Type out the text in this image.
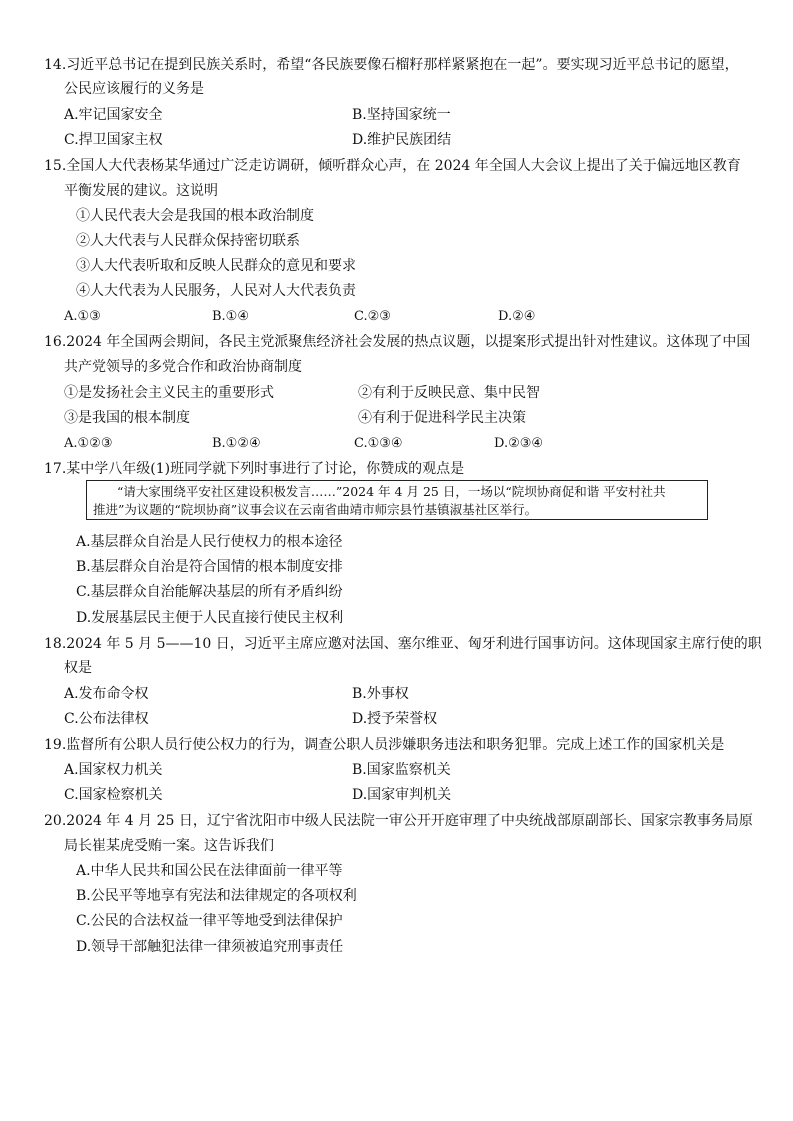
14.习近平总书记在提到民族关系时，希望“各民族要像石榴籽那样紧紧抱在一起”。要实现习近平总书记的愿望，
公民应该履行的义务是
A.牢记国家安全	B.坚持国家统一
C.捍卫国家主权	D.维护民族团结
15.全国人大代表杨某华通过广泛走访调研，倾听群众心声，在 2024 年全国人大会议上提出了关于偏远地区教育
平衡发展的建议。这说明
①人民代表大会是我国的根本政治制度
②人大代表与人民群众保持密切联系
③人大代表听取和反映人民群众的意见和要求
④人大代表为人民服务，人民对人大代表负责
A.①③	B.①④	C.②③	D.②④
16.2024 年全国两会期间，各民主党派聚焦经济社会发展的热点议题，以提案形式提出针对性建议。这体现了中国
共产党领导的多党合作和政治协商制度
①是发扬社会主义民主的重要形式	②有利于反映民意、集中民智
③是我国的根本制度	④有利于促进科学民主决策
A.①②③	B.①②④	C.①③④	D.②③④
17.某中学八年级(1)班同学就下列时事进行了讨论，你赞成的观点是
“请大家围绕平安社区建设积极发言……”2024 年 4 月 25 日，一场以“院坝协商促和谐 平安村社共
推进”为议题的“院坝协商”议事会议在云南省曲靖市师宗县竹基镇淑基社区举行。
A.基层群众自治是人民行使权力的根本途径
B.基层群众自治是符合国情的根本制度安排
C.基层群众自治能解决基层的所有矛盾纠纷
D.发展基层民主便于人民直接行使民主权利
18.2024 年 5 月 5——10 日，习近平主席应邀对法国、塞尔维亚、匈牙利进行国事访问。这体现国家主席行使的职
权是
A.发布命令权	B.外事权
C.公布法律权	D.授予荣誉权
19.监督所有公职人员行使公权力的行为，调查公职人员涉嫌职务违法和职务犯罪。完成上述工作的国家机关是
A.国家权力机关	B.国家监察机关
C.国家检察机关	D.国家审判机关
20.2024 年 4 月 25 日，辽宁省沈阳市中级人民法院一审公开开庭审理了中央统战部原副部长、国家宗教事务局原
局长崔某虎受贿一案。这告诉我们
A.中华人民共和国公民在法律面前一律平等
B.公民平等地享有宪法和法律规定的各项权利
C.公民的合法权益一律平等地受到法律保护
D.领导干部触犯法律一律须被追究刑事责任
